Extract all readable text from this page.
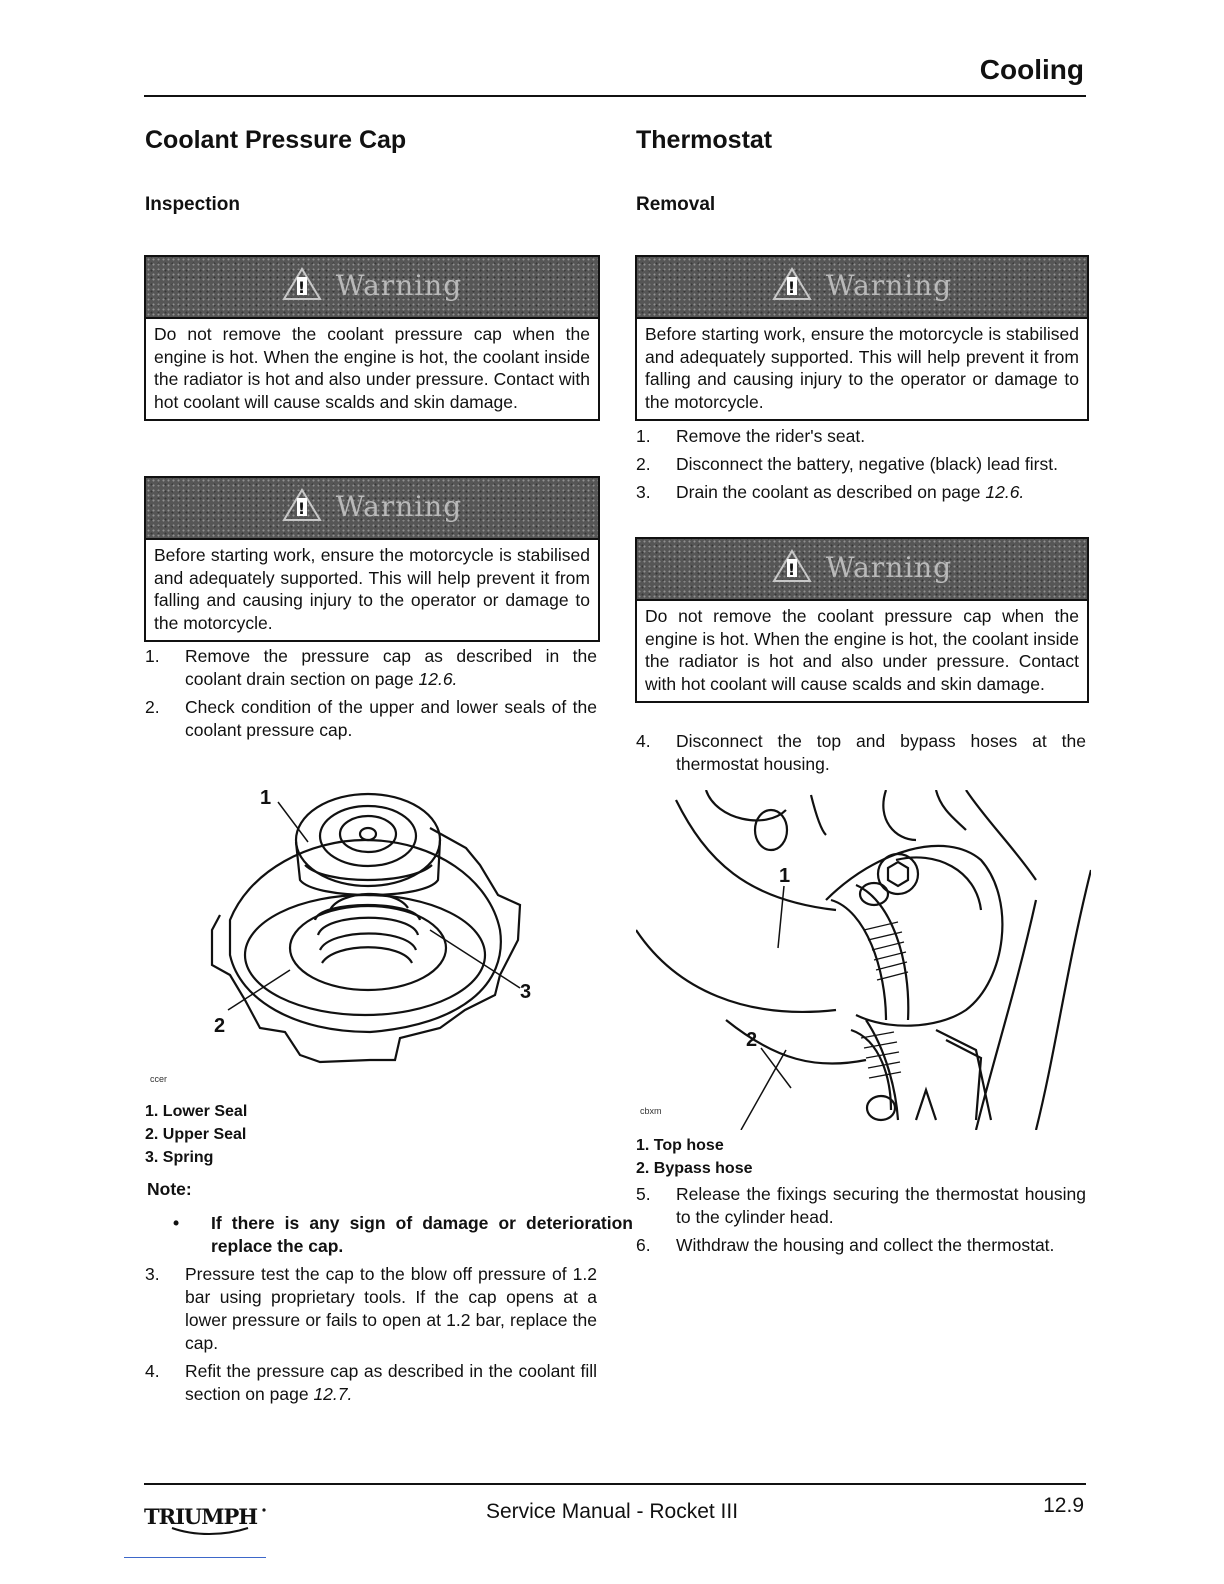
Cooling
Coolant Pressure Cap
Inspection
! Warning
Do not remove the coolant pressure cap when the engine is hot. When the engine is hot, the coolant inside the radiator is hot and also under pressure. Contact with hot coolant will cause scalds and skin damage.
! Warning
Before starting work, ensure the motorcycle is stabilised and adequately supported. This will help prevent it from falling and causing injury to the operator or damage to the motorcycle.
1. Remove the pressure cap as described in the coolant drain section on page 12.6.
2. Check condition of the upper and lower seals of the coolant pressure cap.
1
2
3
ccer
1. Lower Seal
2. Upper Seal
3. Spring
Note:
• If there is any sign of damage or deterioration replace the cap.
3. Pressure test the cap to the blow off pressure of 1.2 bar using proprietary tools. If the cap opens at a lower pressure or fails to open at 1.2 bar, replace the cap.
4. Refit the pressure cap as described in the coolant fill section on page 12.7.
Thermostat
Removal
! Warning
Before starting work, ensure the motorcycle is stabilised and adequately supported. This will help prevent it from falling and causing injury to the operator or damage to the motorcycle.
1. Remove the rider's seat.
2. Disconnect the battery, negative (black) lead first.
3. Drain the coolant as described on page 12.6.
! Warning
Do not remove the coolant pressure cap when the engine is hot. When the engine is hot, the coolant inside the radiator is hot and also under pressure. Contact with hot coolant will cause scalds and skin damage.
4. Disconnect the top and bypass hoses at the thermostat housing.
1
2
cbxm
1. Top hose
2. Bypass hose
5. Release the fixings securing the thermostat housing to the cylinder head.
6. Withdraw the housing and collect the thermostat.
TRIUMPH	Service Manual - Rocket III	12.9
